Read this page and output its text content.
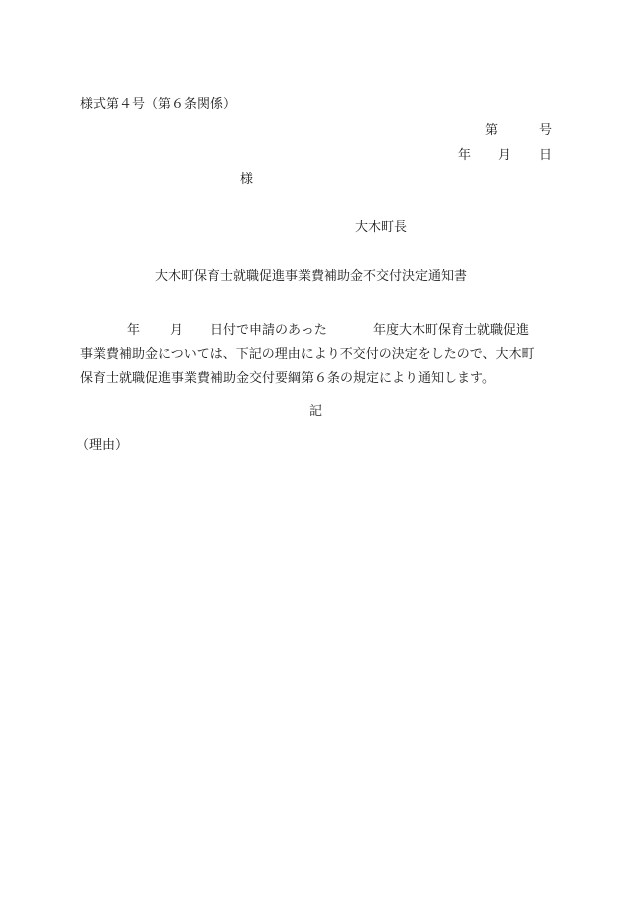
様式第４号（第６条関係）
第	号
年 月 日
様
大木町長
大木町保育士就職促進事業費補助金不交付決定通知書
年 月 日付で申請のあった	年度大木町保育士就職促進
事業費補助金については、下記の理由により不交付の決定をしたので、大木町
保育士就職促進事業費補助金交付要綱第６条の規定により通知します。
記
（理由）
